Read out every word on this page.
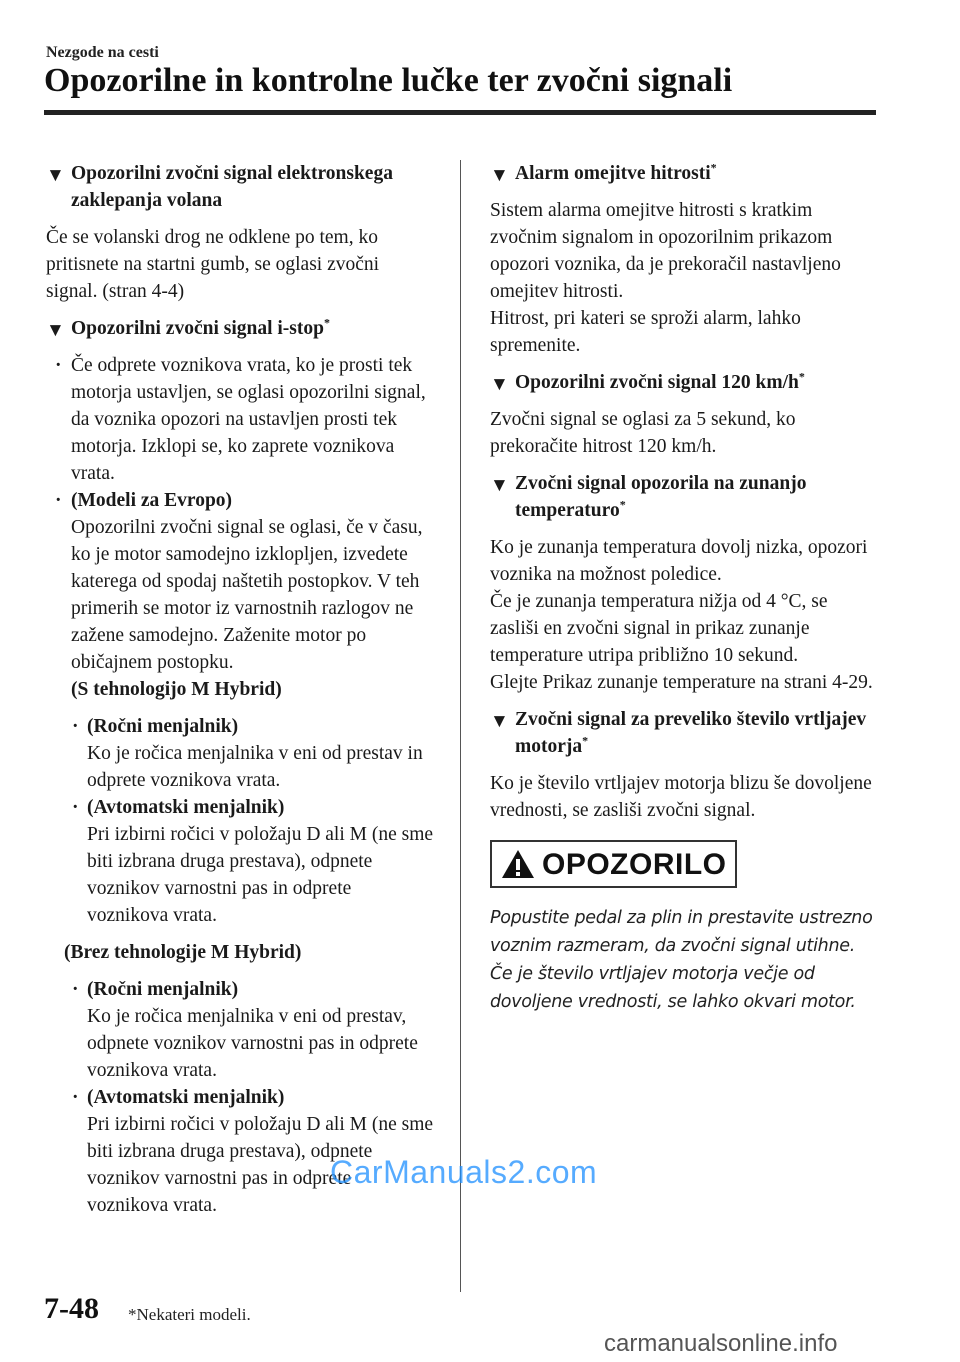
Nezgode na cesti
Opozorilne in kontrolne lučke ter zvočni signali
▼ Opozorilni zvočni signal elektronskega zaklepanja volana

Če se volanski drog ne odklene po tem, ko pritisnete na startni gumb, se oglasi zvočni signal. (stran 4-4)

▼ Opozorilni zvočni signal i-stop*
· Če odprete voznikova vrata, ko je prosti tek motorja ustavljen, se oglasi opozorilni signal, da voznika opozori na ustavljen prosti tek motorja. Izklopi se, ko zaprete voznikova vrata.
· (Modeli za Evropo)
Opozorilni zvočni signal se oglasi, če v času, ko je motor samodejno izklopljen, izvedete katerega od spodaj naštetih postopkov. V teh primerih se motor iz varnostnih razlogov ne zažene samodejno. Zaženite motor po običajnem postopku.
(S tehnologijo M Hybrid)
· (Ročni menjalnik)
Ko je ročica menjalnika v eni od prestav in odprete voznikova vrata.
· (Avtomatski menjalnik)
Pri izbirni ročici v položaju D ali M (ne sme biti izbrana druga prestava), odpnete voznikov varnostni pas in odprete voznikova vrata.
(Brez tehnologije M Hybrid)
· (Ročni menjalnik)
Ko je ročica menjalnika v eni od prestav, odpnete voznikov varnostni pas in odprete voznikova vrata.
· (Avtomatski menjalnik)
Pri izbirni ročici v položaju D ali M (ne sme biti izbrana druga prestava), odpnete voznikov varnostni pas in odprete voznikova vrata.
▼ Alarm omejitve hitrosti*

Sistem alarma omejitve hitrosti s kratkim zvočnim signalom in opozorilnim prikazom opozori voznika, da je prekoračil nastavljeno omejitev hitrosti.
Hitrost, pri kateri se sproži alarm, lahko spremenite.

▼ Opozorilni zvočni signal 120 km/h*

Zvočni signal se oglasi za 5 sekund, ko prekoračite hitrost 120 km/h.

▼ Zvočni signal opozorila na zunanjo temperaturo*

Ko je zunanja temperatura dovolj nizka, opozori voznika na možnost poledice.
Če je zunanja temperatura nižja od 4 °C, se zasliši en zvočni signal in prikaz zunanje temperature utripa približno 10 sekund.
Glejte Prikaz zunanje temperature na strani 4-29.

▼ Zvočni signal za preveliko število vrtljajev motorja*

Ko je število vrtljajev motorja blizu še dovoljene vrednosti, se zasliši zvočni signal.

OPOZORILO
Popustite pedal za plin in prestavite ustrezno voznim razmeram, da zvočni signal utihne. Če je število vrtljajev motorja večje od dovoljene vrednosti, se lahko okvari motor.
CarManuals2.com
7-48 *Nekateri modeli.
carmanualsonline.info
